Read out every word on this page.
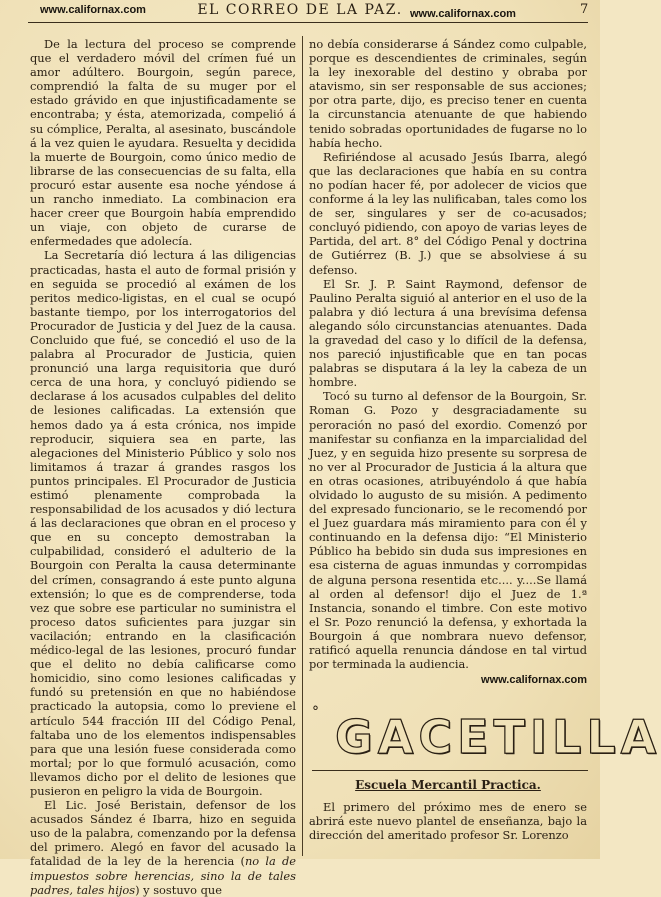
www.californax.com	EL CORREO DE LA PAZ. www.californax.com	7

De la lectura del proceso se comprende que el verdadero móvil del crímen fué un amor adúltero. Bourgoin, según parece, comprendió la falta de su muger por el estado grávido en que injustificadamente se encontraba; y ésta, atemorizada, compelió á su cómplice, Peralta, al asesinato, buscándole á la vez quien le ayudara. Resuelta y decidida la muerte de Bourgoin, como único medio de librarse de las consecuencias de su falta, ella procuró estar ausente esa noche yéndose á un rancho inmediato. La combinacion era hacer creer que Bourgoin había emprendido un viaje, con objeto de curarse de enfermedades que adolecía.

La Secretaría dió lectura á las diligencias practicadas, hasta el auto de formal prisión y en seguida se procedió al exámen de los peritos medico-ligistas, en el cual se ocupó bastante tiempo, por los interrogatorios del Procurador de Justicia y del Juez de la causa. Concluido que fué, se concedió el uso de la palabra al Procurador de Justicia, quien pronunció una larga requisitoria que duró cerca de una hora, y concluyó pidiendo se declarase á los acusados culpables del delito de lesiones calificadas. La extensión que hemos dado ya á esta crónica, nos impide reproducir, siquiera sea en parte, las alegaciones del Ministerio Público y solo nos limitamos á trazar á grandes rasgos los puntos principales. El Procurador de Justicia estimó plenamente comprobada la responsabilidad de los acusados y dió lectura á las declaraciones que obran en el proceso y que en su concepto demostraban la culpabilidad, consideró el adulterio de la Bourgoin con Peralta la causa determinante del crímen, consagrando á este punto alguna extensión; lo que es de comprenderse, toda vez que sobre ese particular no suministra el proceso datos suficientes para juzgar sin vacilación; entrando en la clasificación médico-legal de las lesiones, procuró fundar que el delito no debía calificarse como homicidio, sino como lesiones calificadas y fundó su pretensión en que no habiéndose practicado la autopsia, como lo previene el artículo 544 fracción III del Código Penal, faltaba uno de los elementos indispensables para que una lesión fuese considerada como mortal; por lo que formuló acusación, como llevamos dicho por el delito de lesiones que pusieron en peligro la vida de Bourgoin.

El Lic. José Beristain, defensor de los acusados Sández é Ibarra, hizo en seguida uso de la palabra, comenzando por la defensa del primero. Alegó en favor del acusado la fatalidad de la ley de la herencia (no la de impuestos sobre herencias, sino la de tales padres, tales hijos) y sostuvo que

no debía considerarse á Sández como culpable, porque es descendientes de criminales, según la ley inexorable del destino y obraba por atavismo, sin ser responsable de sus acciones; por otra parte, dijo, es preciso tener en cuenta la circunstancia atenuante de que habiendo tenido sobradas oportunidades de fugarse no lo había hecho.

Refiriéndose al acusado Jesús Ibarra, alegó que las declaraciones que había en su contra no podían hacer fé, por adolecer de vicios que conforme á la ley las nulificaban, tales como los de ser, singulares y ser de co-acusados; concluyó pidiendo, con apoyo de varias leyes de Partida, del art. 8° del Código Penal y doctrina de Gutiérrez (B. J.) que se absolviese á su defenso.

El Sr. J. P. Saint Raymond, defensor de Paulino Peralta siguió al anterior en el uso de la palabra y dió lectura á una brevísima defensa alegando sólo circunstancias atenuantes. Dada la gravedad del caso y lo difícil de la defensa, nos pareció injustificable que en tan pocas palabras se disputara á la ley la cabeza de un hombre.

Tocó su turno al defensor de la Bourgoin, Sr. Roman G. Pozo y desgraciadamente su peroración no pasó del exordio. Comenzó por manifestar su confianza en la imparcialidad del Juez, y en seguida hizo presente su sorpresa de no ver al Procurador de Justicia á la altura que en otras ocasiones, atribuyéndolo á que había olvidado lo augusto de su misión. A pedimento del expresado funcionario, se le recomendó por el Juez guardara más miramiento para con él y continuando en la defensa dijo: “El Ministerio Público ha bebido sin duda sus impresiones en esa cisterna de aguas inmundas y corrompidas de alguna persona resentida etc.... y....Se llamá al orden al defensor! dijo el Juez de 1.ª Instancia, sonando el timbre. Con este motivo el Sr. Pozo renunció la defensa, y exhortada la Bourgoin á que nombrara nuevo defensor, ratificó aquella renuncia dándose en tal virtud por terminada la audiencia.

www.californax.com
° GACETILLA
Escuela Mercantil Practica.

El primero del próximo mes de enero se abrirá este nuevo plantel de enseñanza, bajo la dirección del ameritado profesor Sr. Lorenzo
